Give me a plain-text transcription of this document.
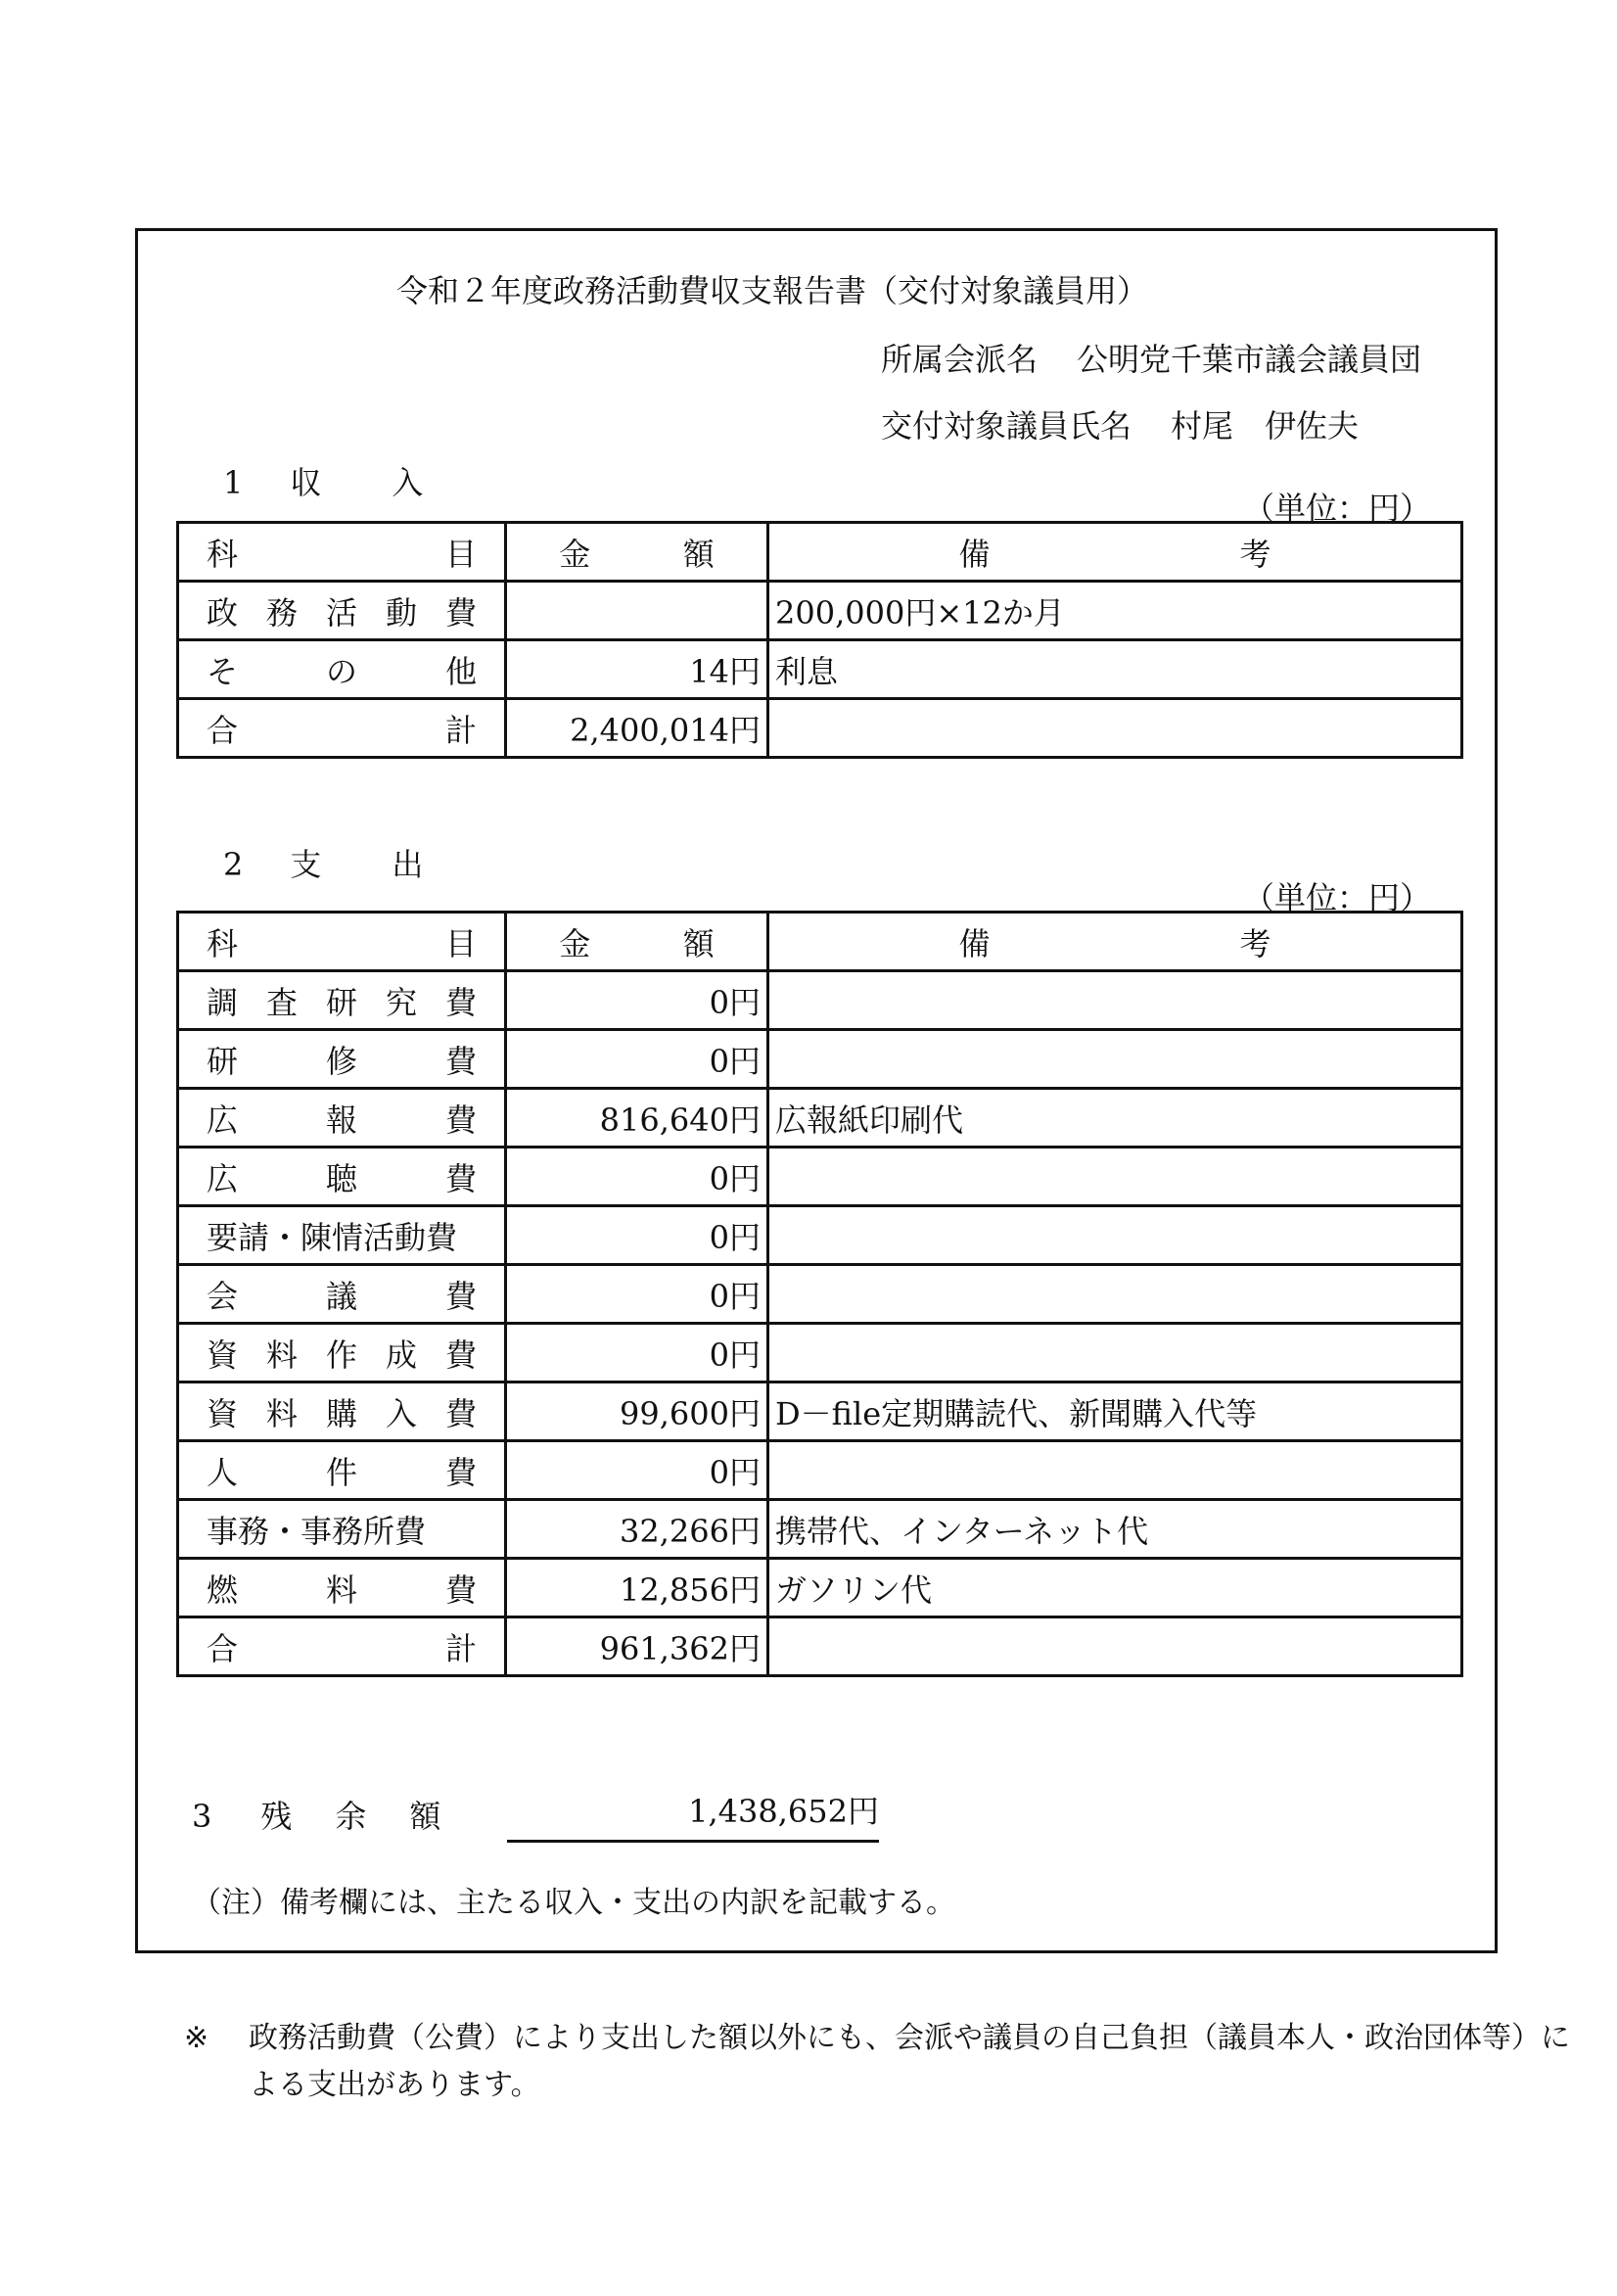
令和２年度政務活動費収支報告書（交付対象議員用）
所属会派名 公明党千葉市議会議員団
交付対象議員氏名 村尾　伊佐夫
1 収 入
（単位：円）
科 目	金 額	備 考

政 務 活 動 費		200,000円×12か月

そ の 他	14円	利息

合 計	2,400,014円	
2 支 出
（単位：円）
科 目	金 額	備 考

調 査 研 究 費	0円	

研 修 費	0円	

広 報 費	816,640円	広報紙印刷代

広 聴 費	0円	

要請・陳情活動費	0円	

会 議 費	0円	

資 料 作 成 費	0円	

資 料 購 入 費	99,600円	D－file定期購読代、新聞購入代等

人 件 費	0円	

事務・事務所費	32,266円	携帯代、インターネット代

燃 料 費	12,856円	ガソリン代

合 計	961,362円	
3 残 余 額	1,438,652円
（注）備考欄には、主たる収入・支出の内訳を記載する。
※ 政務活動費（公費）により支出した額以外にも、会派や議員の自己負担（議員本人・政治団体等）による支出があります。
